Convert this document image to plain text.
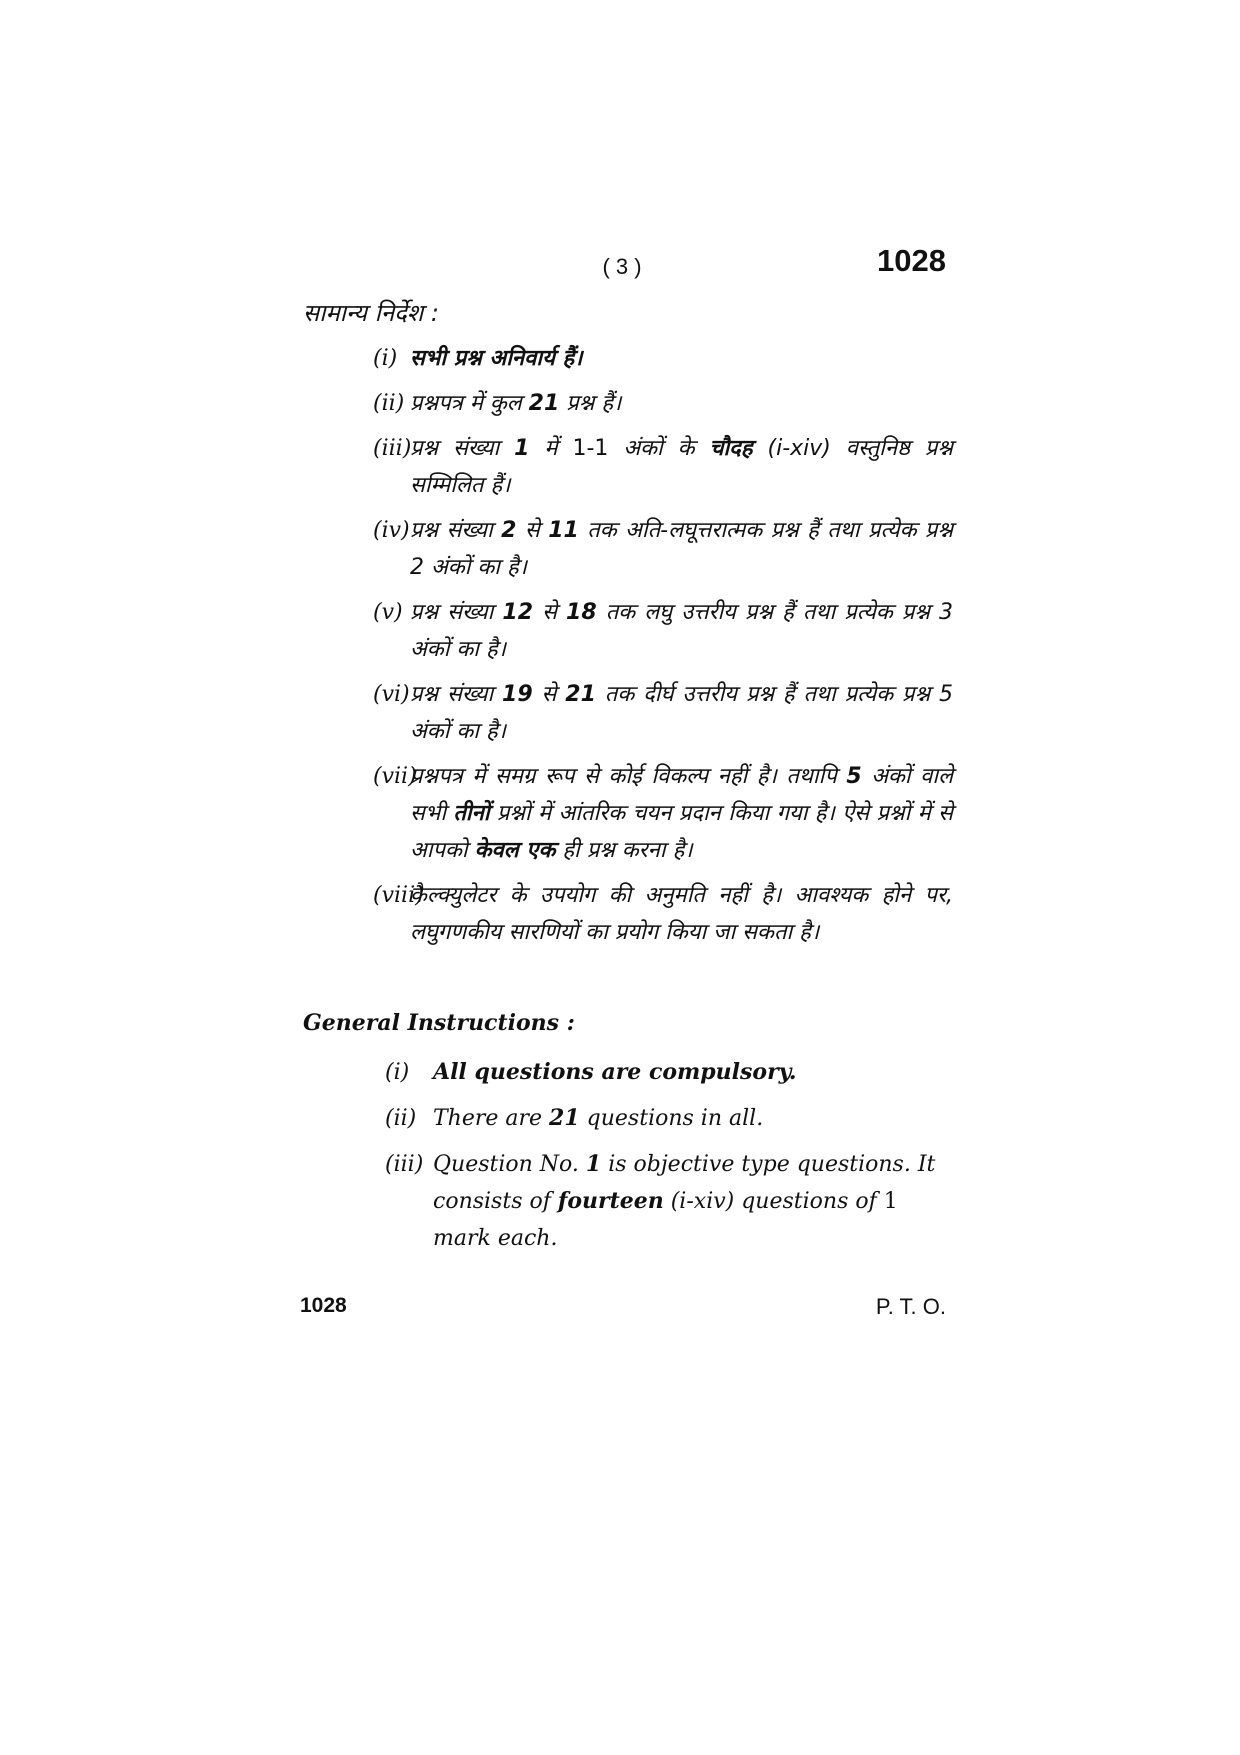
( 3 )	1028
सामान्य निर्देश :
(i) सभी प्रश्न अनिवार्य हैं।
(ii) प्रश्नपत्र में कुल 21 प्रश्न हैं।
(iii)
प्रश्न संख्या 1 में 1-1 अंकों के चौदह (i-xiv) वस्तुनिष्ठ प्रश्न सम्मिलित हैं।
(iv) प्रश्न संख्या 2 से 11 तक अति-लघूत्तरात्मक प्रश्न हैं तथा प्रत्येक प्रश्न 2 अंकों का है।
(v) प्रश्न संख्या 12 से 18 तक लघु उत्तरीय प्रश्न हैं तथा प्रत्येक प्रश्न 3 अंकों का है।
(vi) प्रश्न संख्या 19 से 21 तक दीर्घ उत्तरीय प्रश्न हैं तथा प्रत्येक प्रश्न 5 अंकों का है।
(vii)
प्रश्नपत्र में समग्र रूप से कोई विकल्प नहीं है। तथापि 5 अंकों वाले सभी तीनों प्रश्नों में आंतरिक चयन प्रदान किया गया है। ऐसे प्रश्नों में से आपको केवल एक ही प्रश्न करना है।
(viii)
कैल्क्युलेटर के उपयोग की अनुमति नहीं है। आवश्यक होने पर, लघुगणकीय सारणियों का प्रयोग किया जा सकता है।
General Instructions :
(i) All questions are compulsory.
(ii) There are 21 questions in all.
(iii) Question No. 1 is objective type questions. It consists of fourteen (i-xiv) questions of 1 mark each.
1028	P. T. O.
